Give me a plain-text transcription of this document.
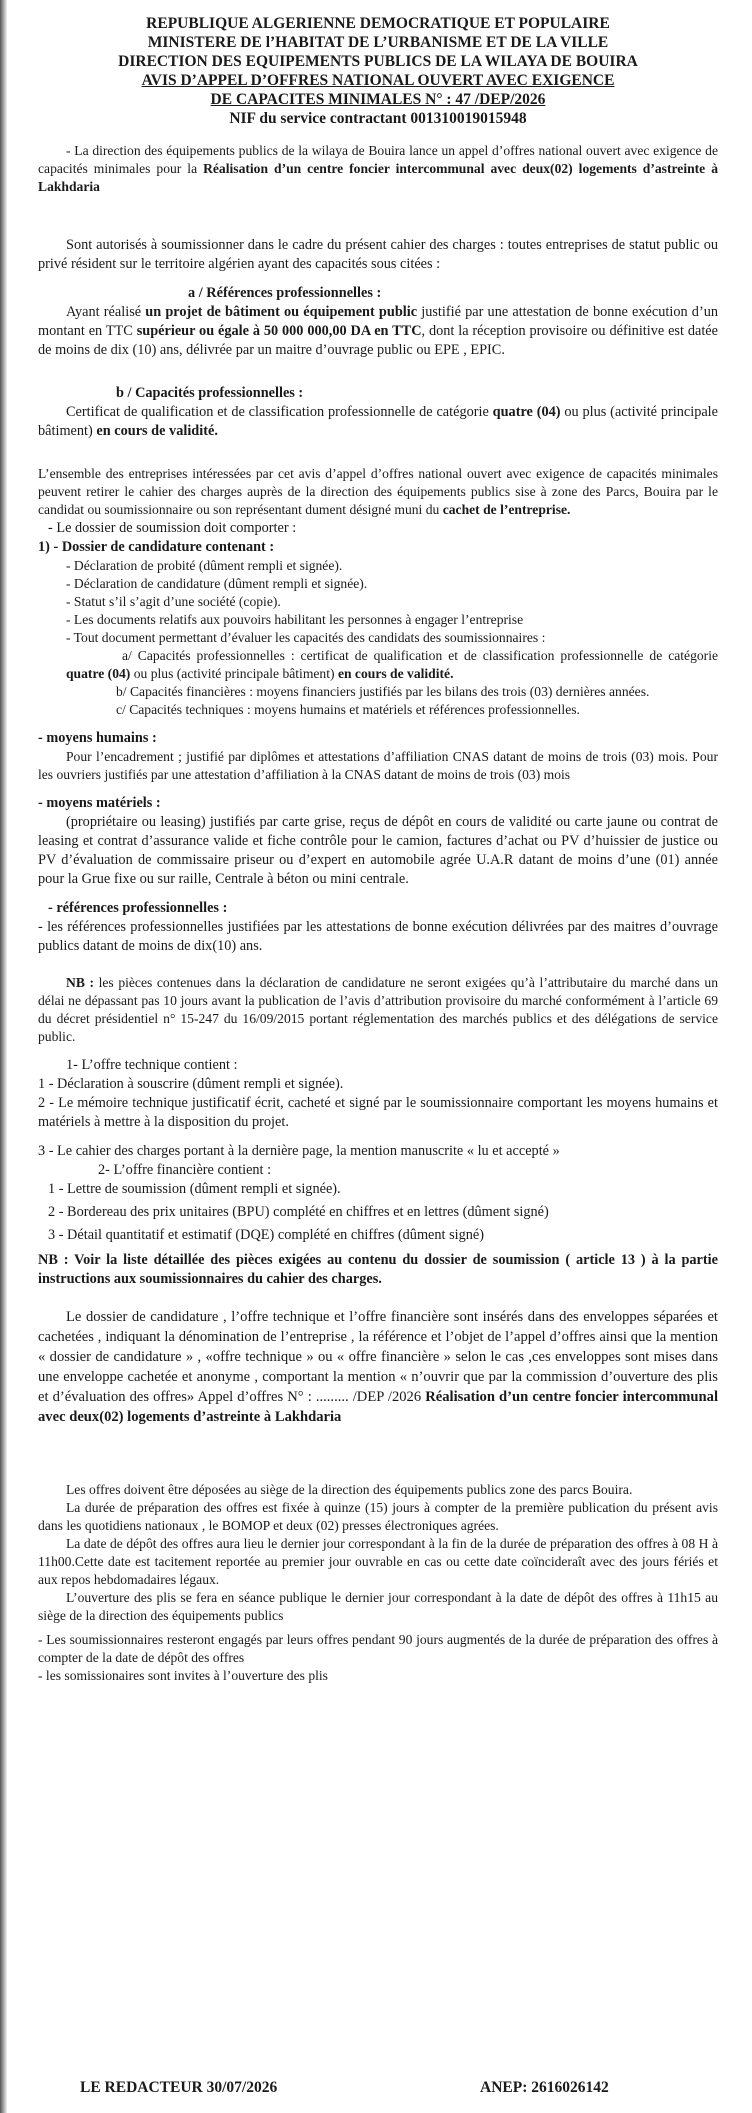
REPUBLIQUE ALGERIENNE DEMOCRATIQUE ET POPULAIRE
MINISTERE DE l’HABITAT DE L’URBANISME ET DE LA VILLE
DIRECTION DES EQUIPEMENTS PUBLICS DE LA WILAYA DE BOUIRA
AVIS D’APPEL D’OFFRES NATIONAL OUVERT AVEC EXIGENCE
DE CAPACITES MINIMALES N° : 47 /DEP/2026
NIF du service contractant 001310019015948

- La direction des équipements publics de la wilaya de Bouira lance un appel d’offres national ouvert avec exigence de capacités minimales pour la Réalisation d’un centre foncier intercommunal avec deux(02) logements d’astreinte à Lakhdaria

Sont autorisés à soumissionner dans le cadre du présent cahier des charges : toutes entreprises de statut public ou privé résident sur le territoire algérien ayant des capacités sous citées :

a / Références professionnelles :

Ayant réalisé un projet de bâtiment ou équipement public justifié par une attestation de bonne exécution d’un montant en TTC supérieur ou égale à 50 000 000,00 DA en TTC, dont la réception provisoire ou définitive est datée de moins de dix (10) ans, délivrée par un maitre d’ouvrage public ou EPE , EPIC.

b / Capacités professionnelles :

Certificat de qualification et de classification professionnelle de catégorie quatre (04) ou plus (activité principale bâtiment) en cours de validité.

L’ensemble des entreprises intéressées par cet avis d’appel d’offres national ouvert avec exigence de capacités minimales peuvent retirer le cahier des charges auprès de la direction des équipements publics sise à zone des Parcs, Bouira par le candidat ou soumissionnaire ou son représentant dument désigné muni du cachet de l’entreprise.

- Le dossier de soumission doit comporter :

1) - Dossier de candidature contenant :

- Déclaration de probité (dûment rempli et signée).

- Déclaration de candidature (dûment rempli et signée).

- Statut s’il s’agit d’une société (copie).

- Les documents relatifs aux pouvoirs habilitant les personnes à engager l’entreprise

- Tout document permettant d’évaluer les capacités des candidats des soumissionnaires :

a/ Capacités professionnelles : certificat de qualification et de classification professionnelle de catégorie quatre (04) ou plus (activité principale bâtiment) en cours de validité.

b/ Capacités financières : moyens financiers justifiés par les bilans des trois (03) dernières années.

c/ Capacités techniques : moyens humains et matériels et références professionnelles.

- moyens humains :

Pour l’encadrement ; justifié par diplômes et attestations d’affiliation CNAS datant de moins de trois (03) mois. Pour les ouvriers justifiés par une attestation d’affiliation à la CNAS datant de moins de trois (03) mois

- moyens matériels :

(propriétaire ou leasing) justifiés par carte grise, reçus de dépôt en cours de validité ou carte jaune ou contrat de leasing et contrat d’assurance valide et fiche contrôle pour le camion, factures d’achat ou PV d’huissier de justice ou PV d’évaluation de commissaire priseur ou d’expert en automobile agrée U.A.R datant de moins d’une (01) année pour la Grue fixe ou sur raille, Centrale à béton ou mini centrale.

- références professionnelles :

- les références professionnelles justifiées par les attestations de bonne exécution délivrées par des maitres d’ouvrage publics datant de moins de dix(10) ans.

NB : les pièces contenues dans la déclaration de candidature ne seront exigées qu’à l’attributaire du marché dans un délai ne dépassant pas 10 jours avant la publication de l’avis d’attribution provisoire du marché conformément à l’article 69 du décret présidentiel n° 15-247 du 16/09/2015 portant réglementation des marchés publics et des délégations de service public.

1- L’offre technique contient :

1 - Déclaration à souscrire (dûment rempli et signée).

2 - Le mémoire technique justificatif écrit, cacheté et signé par le soumissionnaire comportant les moyens humains et matériels à mettre à la disposition du projet.

3 - Le cahier des charges portant à la dernière page, la mention manuscrite « lu et accepté »

2- L’offre financière contient :

1 - Lettre de soumission (dûment rempli et signée).

2 - Bordereau des prix unitaires (BPU) complété en chiffres et en lettres (dûment signé)

3 - Détail quantitatif et estimatif (DQE) complété en chiffres (dûment signé)

NB : Voir la liste détaillée des pièces exigées au contenu du dossier de soumission ( article 13 ) à la partie instructions aux soumissionnaires du cahier des charges.

Le dossier de candidature , l’offre technique et l’offre financière sont insérés dans des enveloppes séparées et cachetées , indiquant la dénomination de l’entreprise , la référence et l’objet de l’appel d’offres ainsi que la mention « dossier de candidature » , «offre technique » ou « offre financière » selon le cas ,ces enveloppes sont mises dans une enveloppe cachetée et anonyme , comportant la mention « n’ouvrir que par la commission d’ouverture des plis et d’évaluation des offres» Appel d’offres N° : ......... /DEP /2026 Réalisation d’un centre foncier intercommunal avec deux(02) logements d’astreinte à Lakhdaria

Les offres doivent être déposées au siège de la direction des équipements publics zone des parcs Bouira.

La durée de préparation des offres est fixée à quinze (15) jours à compter de la première publication du présent avis dans les quotidiens nationaux , le BOMOP et deux (02) presses électroniques agrées.

La date de dépôt des offres aura lieu le dernier jour correspondant à la fin de la durée de préparation des offres à 08 H à 11h00.Cette date est tacitement reportée au premier jour ouvrable en cas ou cette date coïncideraît avec des jours fériés et aux repos hebdomadaires légaux.

L’ouverture des plis se fera en séance publique le dernier jour correspondant à la date de dépôt des offres à 11h15 au siège de la direction des équipements publics

- Les soumissionnaires resteront engagés par leurs offres pendant 90 jours augmentés de la durée de préparation des offres à compter de la date de dépôt des offres

- les somissionaires sont invites à l’ouverture des plis

LE REDACTEUR 30/07/2026	ANEP: 2616026142
